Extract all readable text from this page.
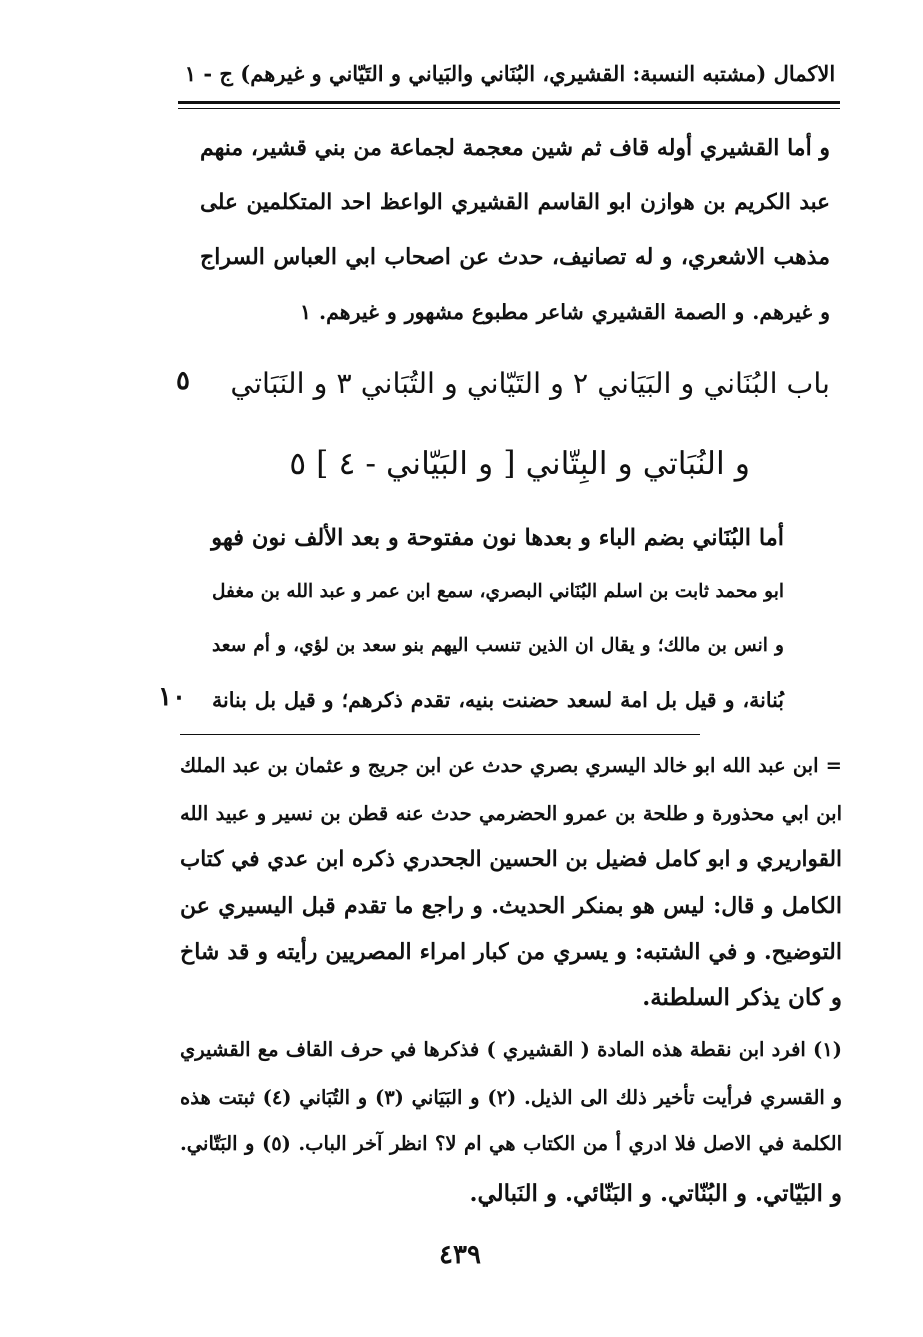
الاكمال (مشتبه النسبة: القشيري، البُنَاني والبَياني و التَيّاني و غيرهم) ج - ١
و أما القشيري أوله قاف ثم شين معجمة لجماعة من بني قشير، منهم
عبد الكريم بن هوازن ابو القاسم القشيري الواعظ احد المتكلمين على
مذهب الاشعري، و له تصانيف، حدث عن اصحاب ابي العباس السراج
و غيرهم. و الصمة القشيري شاعر مطبوع مشهور و غيرهم. ١
باب البُنَاني و البَيَاني ٢ و التَيّاني و التُبَاني ٣ و النَبَاتي
٥
و النُبَاتي و البِتّاني [ و البَيّاني - ٤ ] ٥
أما البُنَاني بضم الباء و بعدها نون مفتوحة و بعد الألف نون فهو
ابو محمد ثابت بن اسلم البُنَاني البصري، سمع ابن عمر و عبد الله بن مغفل
و انس بن مالك؛ و يقال ان الذين تنسب اليهم بنو سعد بن لؤي، و أم سعد
بُنانة، و قيل بل امة لسعد حضنت بنيه، تقدم ذكرهم؛ و قيل بل بنانة
١٠
= ابن عبد الله ابو خالد اليسري بصري حدث عن ابن جريج و عثمان بن عبد الملك
ابن ابي محذورة و طلحة بن عمرو الحضرمي حدث عنه قطن بن نسير و عبيد الله
القواريري و ابو كامل فضيل بن الحسين الجحدري ذكره ابن عدي في كتاب
الكامل و قال: ليس هو بمنكر الحديث. و راجع ما تقدم قبل اليسيري عن
التوضيح. و في الشتبه: و يسري من كبار امراء المصريين رأيته و قد شاخ
و كان يذكر السلطنة.
(١) افرد ابن نقطة هذه المادة ( القشيري ) فذكرها في حرف القاف مع القشيري
و القسري فرأيت تأخير ذلك الى الذيل. (٢) و البَيَاني (٣) و التُبَاني (٤) ثبتت هذه
الكلمة في الاصل فلا ادري أ من الكتاب هي ام لا؟ انظر آخر الباب. (٥) و البَتّاني.
و البَيّاتي. و البُنّاتي. و البَنّائي. و النَبالي.
٤٣٩
